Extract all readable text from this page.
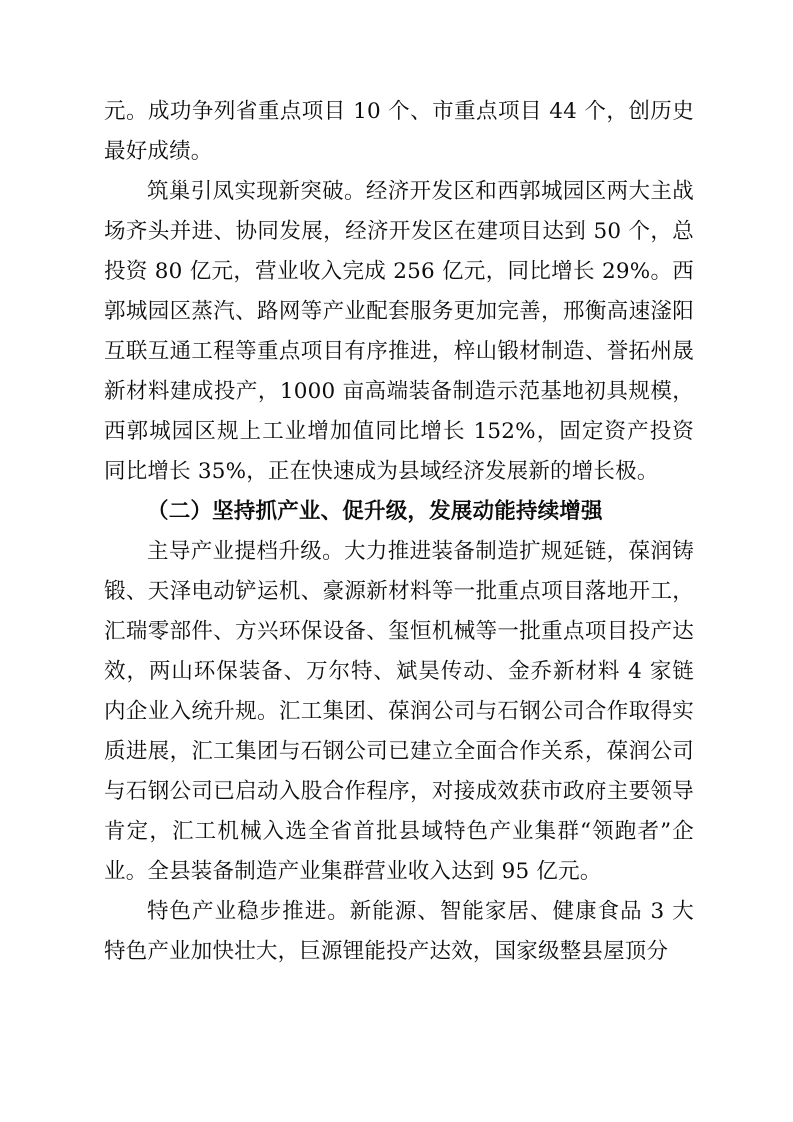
元。成功争列省重点项目 10 个、市重点项目 44 个，创历史最好成绩。

筑巢引凤实现新突破。经济开发区和西郭城园区两大主战场齐头并进、协同发展，经济开发区在建项目达到 50 个，总投资 80 亿元，营业收入完成 256 亿元，同比增长 29%。西郭城园区蒸汽、路网等产业配套服务更加完善，邢衡高速滏阳互联互通工程等重点项目有序推进，梓山锻材制造、誉拓州晟新材料建成投产，1000 亩高端装备制造示范基地初具规模，西郭城园区规上工业增加值同比增长 152%，固定资产投资同比增长 35%，正在快速成为县域经济发展新的增长极。

（二）坚持抓产业、促升级，发展动能持续增强

主导产业提档升级。大力推进装备制造扩规延链，葆润铸锻、天泽电动铲运机、豪源新材料等一批重点项目落地开工，汇瑞零部件、方兴环保设备、玺恒机械等一批重点项目投产达效，两山环保装备、万尔特、斌昊传动、金乔新材料 4 家链内企业入统升规。汇工集团、葆润公司与石钢公司合作取得实质进展，汇工集团与石钢公司已建立全面合作关系，葆润公司与石钢公司已启动入股合作程序，对接成效获市政府主要领导肯定，汇工机械入选全省首批县域特色产业集群“领跑者”企业。全县装备制造产业集群营业收入达到 95 亿元。

特色产业稳步推进。新能源、智能家居、健康食品 3 大特色产业加快壮大，巨源锂能投产达效，国家级整县屋顶分
